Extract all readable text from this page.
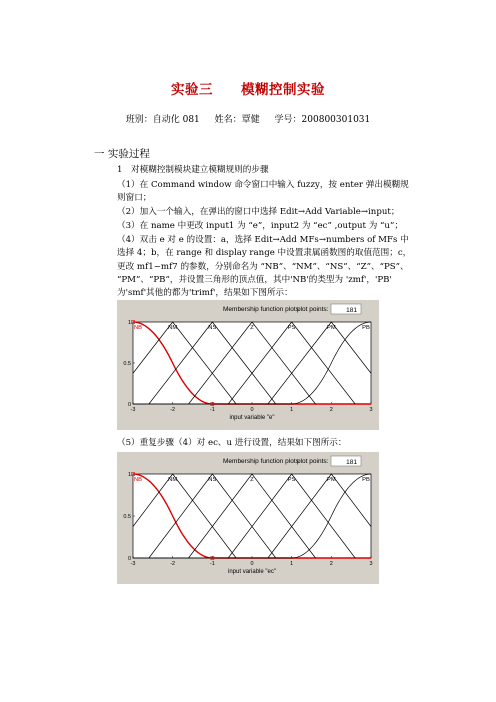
实验三　　模糊控制实验
班别：自动化 081 姓名：覃健 学号：200800301031
一 实验过程
1　对模糊控制模块建立模糊规则的步骤
（1）在 Command window 命令窗口中输入 fuzzy，按 enter 弹出模糊规
则窗口；
（2）加入一个输入，在弹出的窗口中选择 Edit→Add Variable→input；
（3）在 name 中更改 input1 为 “e”，input2 为 “ec” ,output 为 “u”；
（4）双击 e 对 e 的设置：a，选择 Edit→Add MFs→numbers of MFs 中
选择 4；b，在 range 和 display range 中设置隶属函数图的取值范围；c，
更改 mf1~mf7 的参数，分别命名为 “NB”、“NM”、“NS”、“Z”、“PS”、
“PM”、“PB”，并设置三角形的顶点值，其中'NB'的类型为 'zmf'，'PB'
为'smf'其他的都为'trimf'，结果如下图所示：
Membership function plots
plot points:	181
0
0.5
1
-3	-2	-1	0	1	2	3
input variable "e"
NB	NM	NS	Z	PS	PM	PB
（5）重复步骤（4）对 ec、u 进行设置，结果如下图所示：
Membership function plots
plot points:	181
0
0.5
1
-3	-2	-1	0	1	2	3
input variable "ec"
NB	NM	NS	Z	PS	PM	PB
